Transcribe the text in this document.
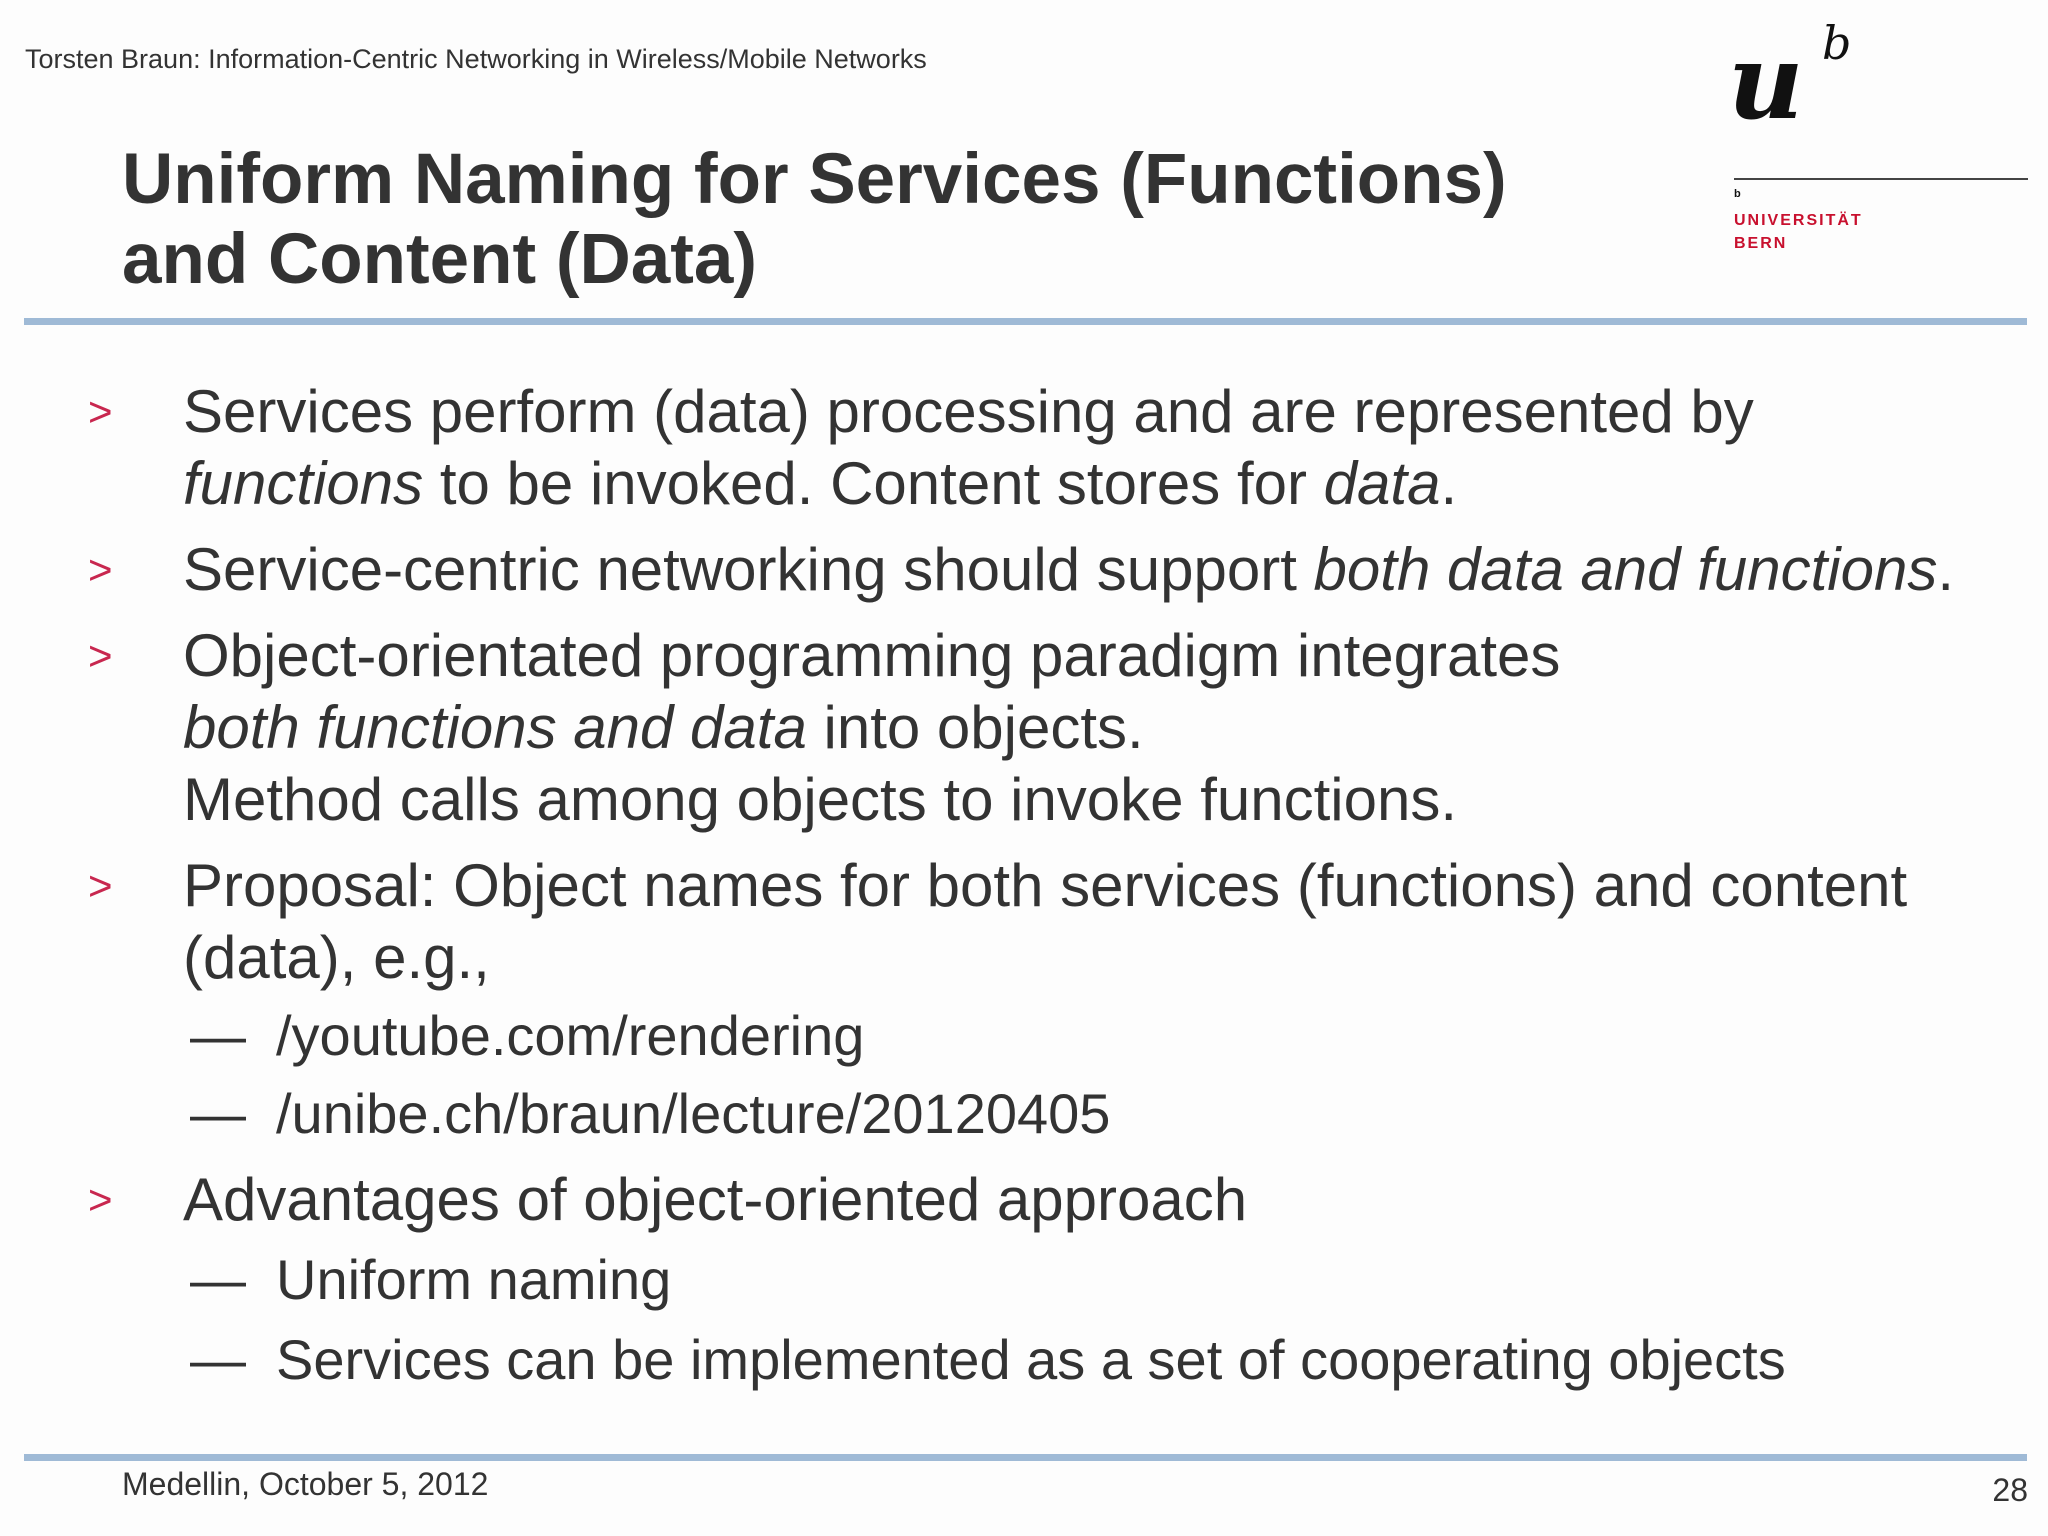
Torsten Braun: Information-Centric Networking in Wireless/Mobile Networks	u b
b
UNIVERSITÄT
BERN
Uniform Naming for Services (Functions)
and Content (Data)
> Services perform (data) processing and are represented by
functions to be invoked. Content stores for data.
> Service-centric networking should support both data and functions.
> Object-orientated programming paradigm integrates
both functions and data into objects.
Method calls among objects to invoke functions.
> Proposal: Object names for both services (functions) and content
(data), e.g.,
— /youtube.com/rendering
— /unibe.ch/braun/lecture/20120405
> Advantages of object-oriented approach
— Uniform naming
— Services can be implemented as a set of cooperating objects
Medellin, October 5, 2012	28
